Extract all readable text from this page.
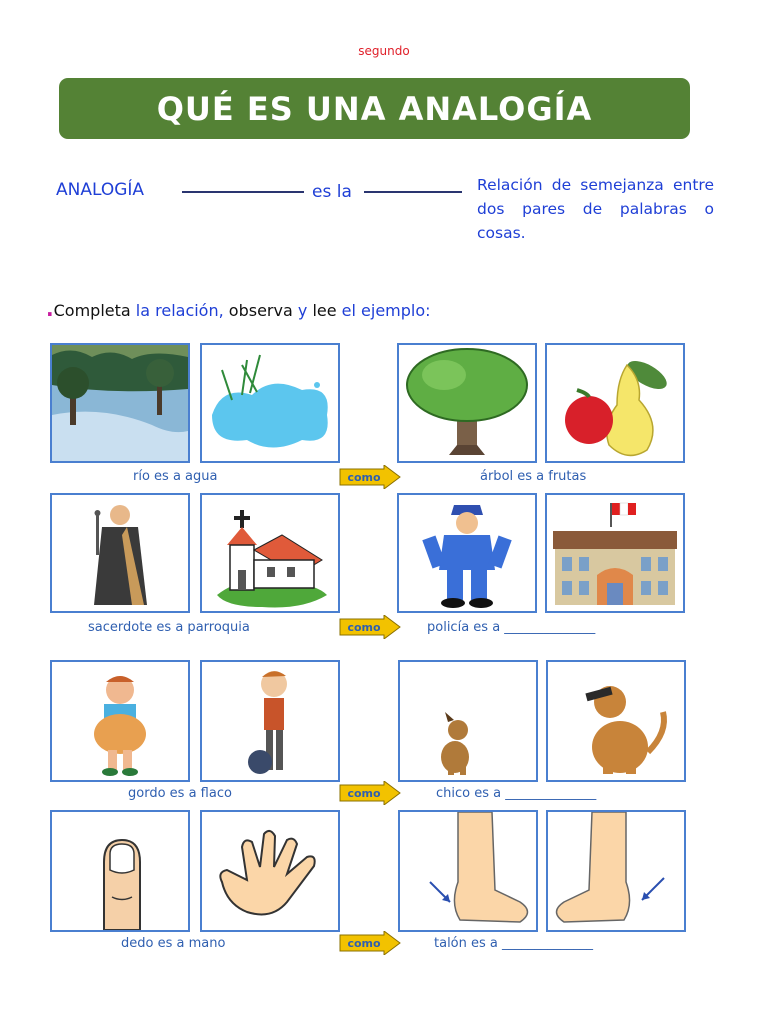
segundo
QUÉ ES UNA ANALOGÍA
ANALOGÍA	es la	Relación de semejanza entre dos pares de palabras o cosas.
.Completa la relación, observa y lee el ejemplo:
río es a agua	como	árbol es a frutas
sacerdote es a parroquia	como	policía es a ______________
gordo es a flaco	como	chico es a ______________
dedo es a mano	como	talón es a ______________
